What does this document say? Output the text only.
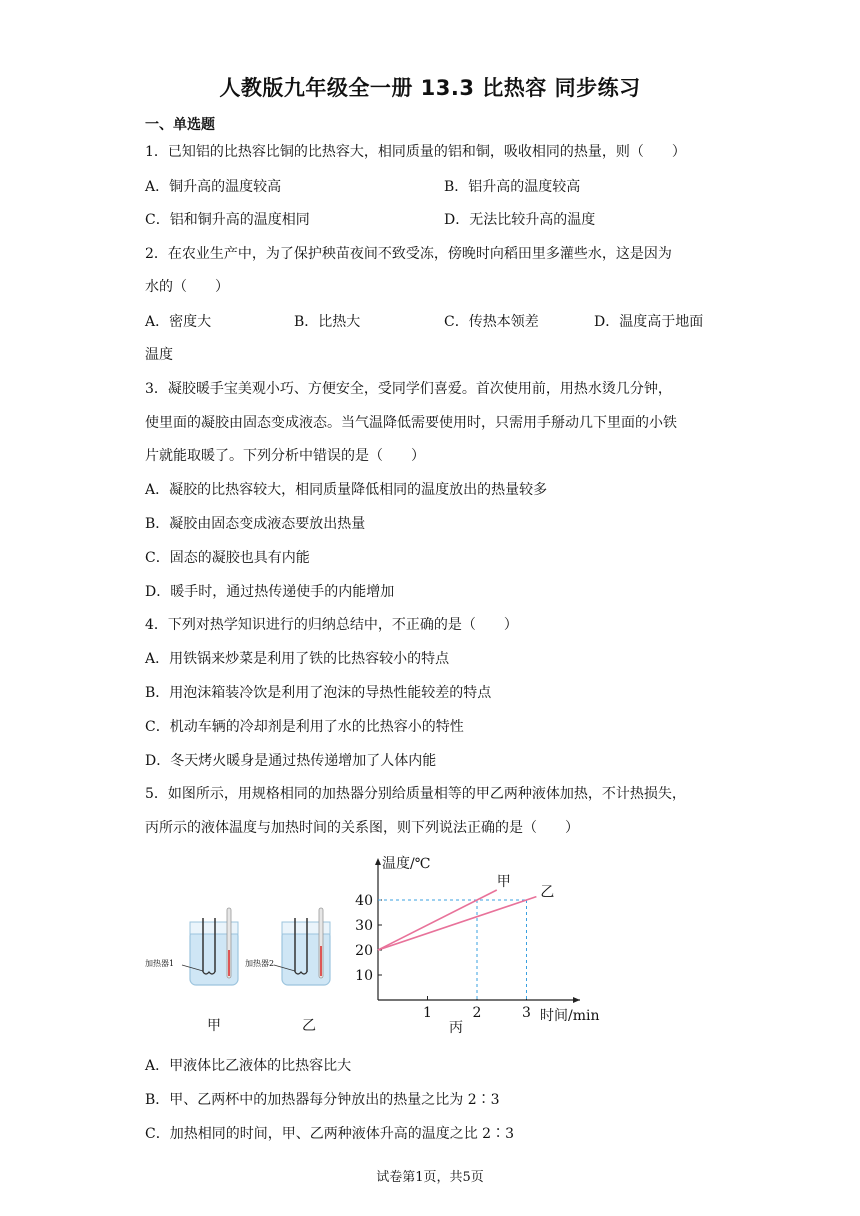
人教版九年级全一册 13.3 比热容 同步练习
一、单选题
1．已知铝的比热容比铜的比热容大，相同质量的铝和铜，吸收相同的热量，则（　　）
A．铜升高的温度较高	B．铝升高的温度较高
C．铝和铜升高的温度相同	D．无法比较升高的温度
2．在农业生产中，为了保护秧苗夜间不致受冻，傍晚时向稻田里多灌些水，这是因为
水的（　　）
A．密度大	B．比热大	C．传热本领差	D．温度高于地面
温度
3．凝胶暖手宝美观小巧、方便安全，受同学们喜爱。首次使用前，用热水烫几分钟，
使里面的凝胶由固态变成液态。当气温降低需要使用时，只需用手掰动几下里面的小铁
片就能取暖了。下列分析中错误的是（　　）
A．凝胶的比热容较大，相同质量降低相同的温度放出的热量较多
B．凝胶由固态变成液态要放出热量
C．固态的凝胶也具有内能
D．暖手时，通过热传递使手的内能增加
4．下列对热学知识进行的归纳总结中，不正确的是（　　）
A．用铁锅来炒菜是利用了铁的比热容较小的特点
B．用泡沫箱装冷饮是利用了泡沫的导热性能较差的特点
C．机动车辆的冷却剂是利用了水的比热容小的特性
D．冬天烤火暖身是通过热传递增加了人体内能
5．如图所示，用规格相同的加热器分别给质量相等的甲乙两种液体加热，不计热损失，
丙所示的液体温度与加热时间的关系图，则下列说法正确的是（　　）
加热器1	加热器2
甲	乙
温度/℃
时间/min
10
20
30
40
1	2	3
甲
乙
丙
A．甲液体比乙液体的比热容比大
B．甲、乙两杯中的加热器每分钟放出的热量之比为 2∶3
C．加热相同的时间，甲、乙两种液体升高的温度之比 2∶3
试卷第1页，共5页
